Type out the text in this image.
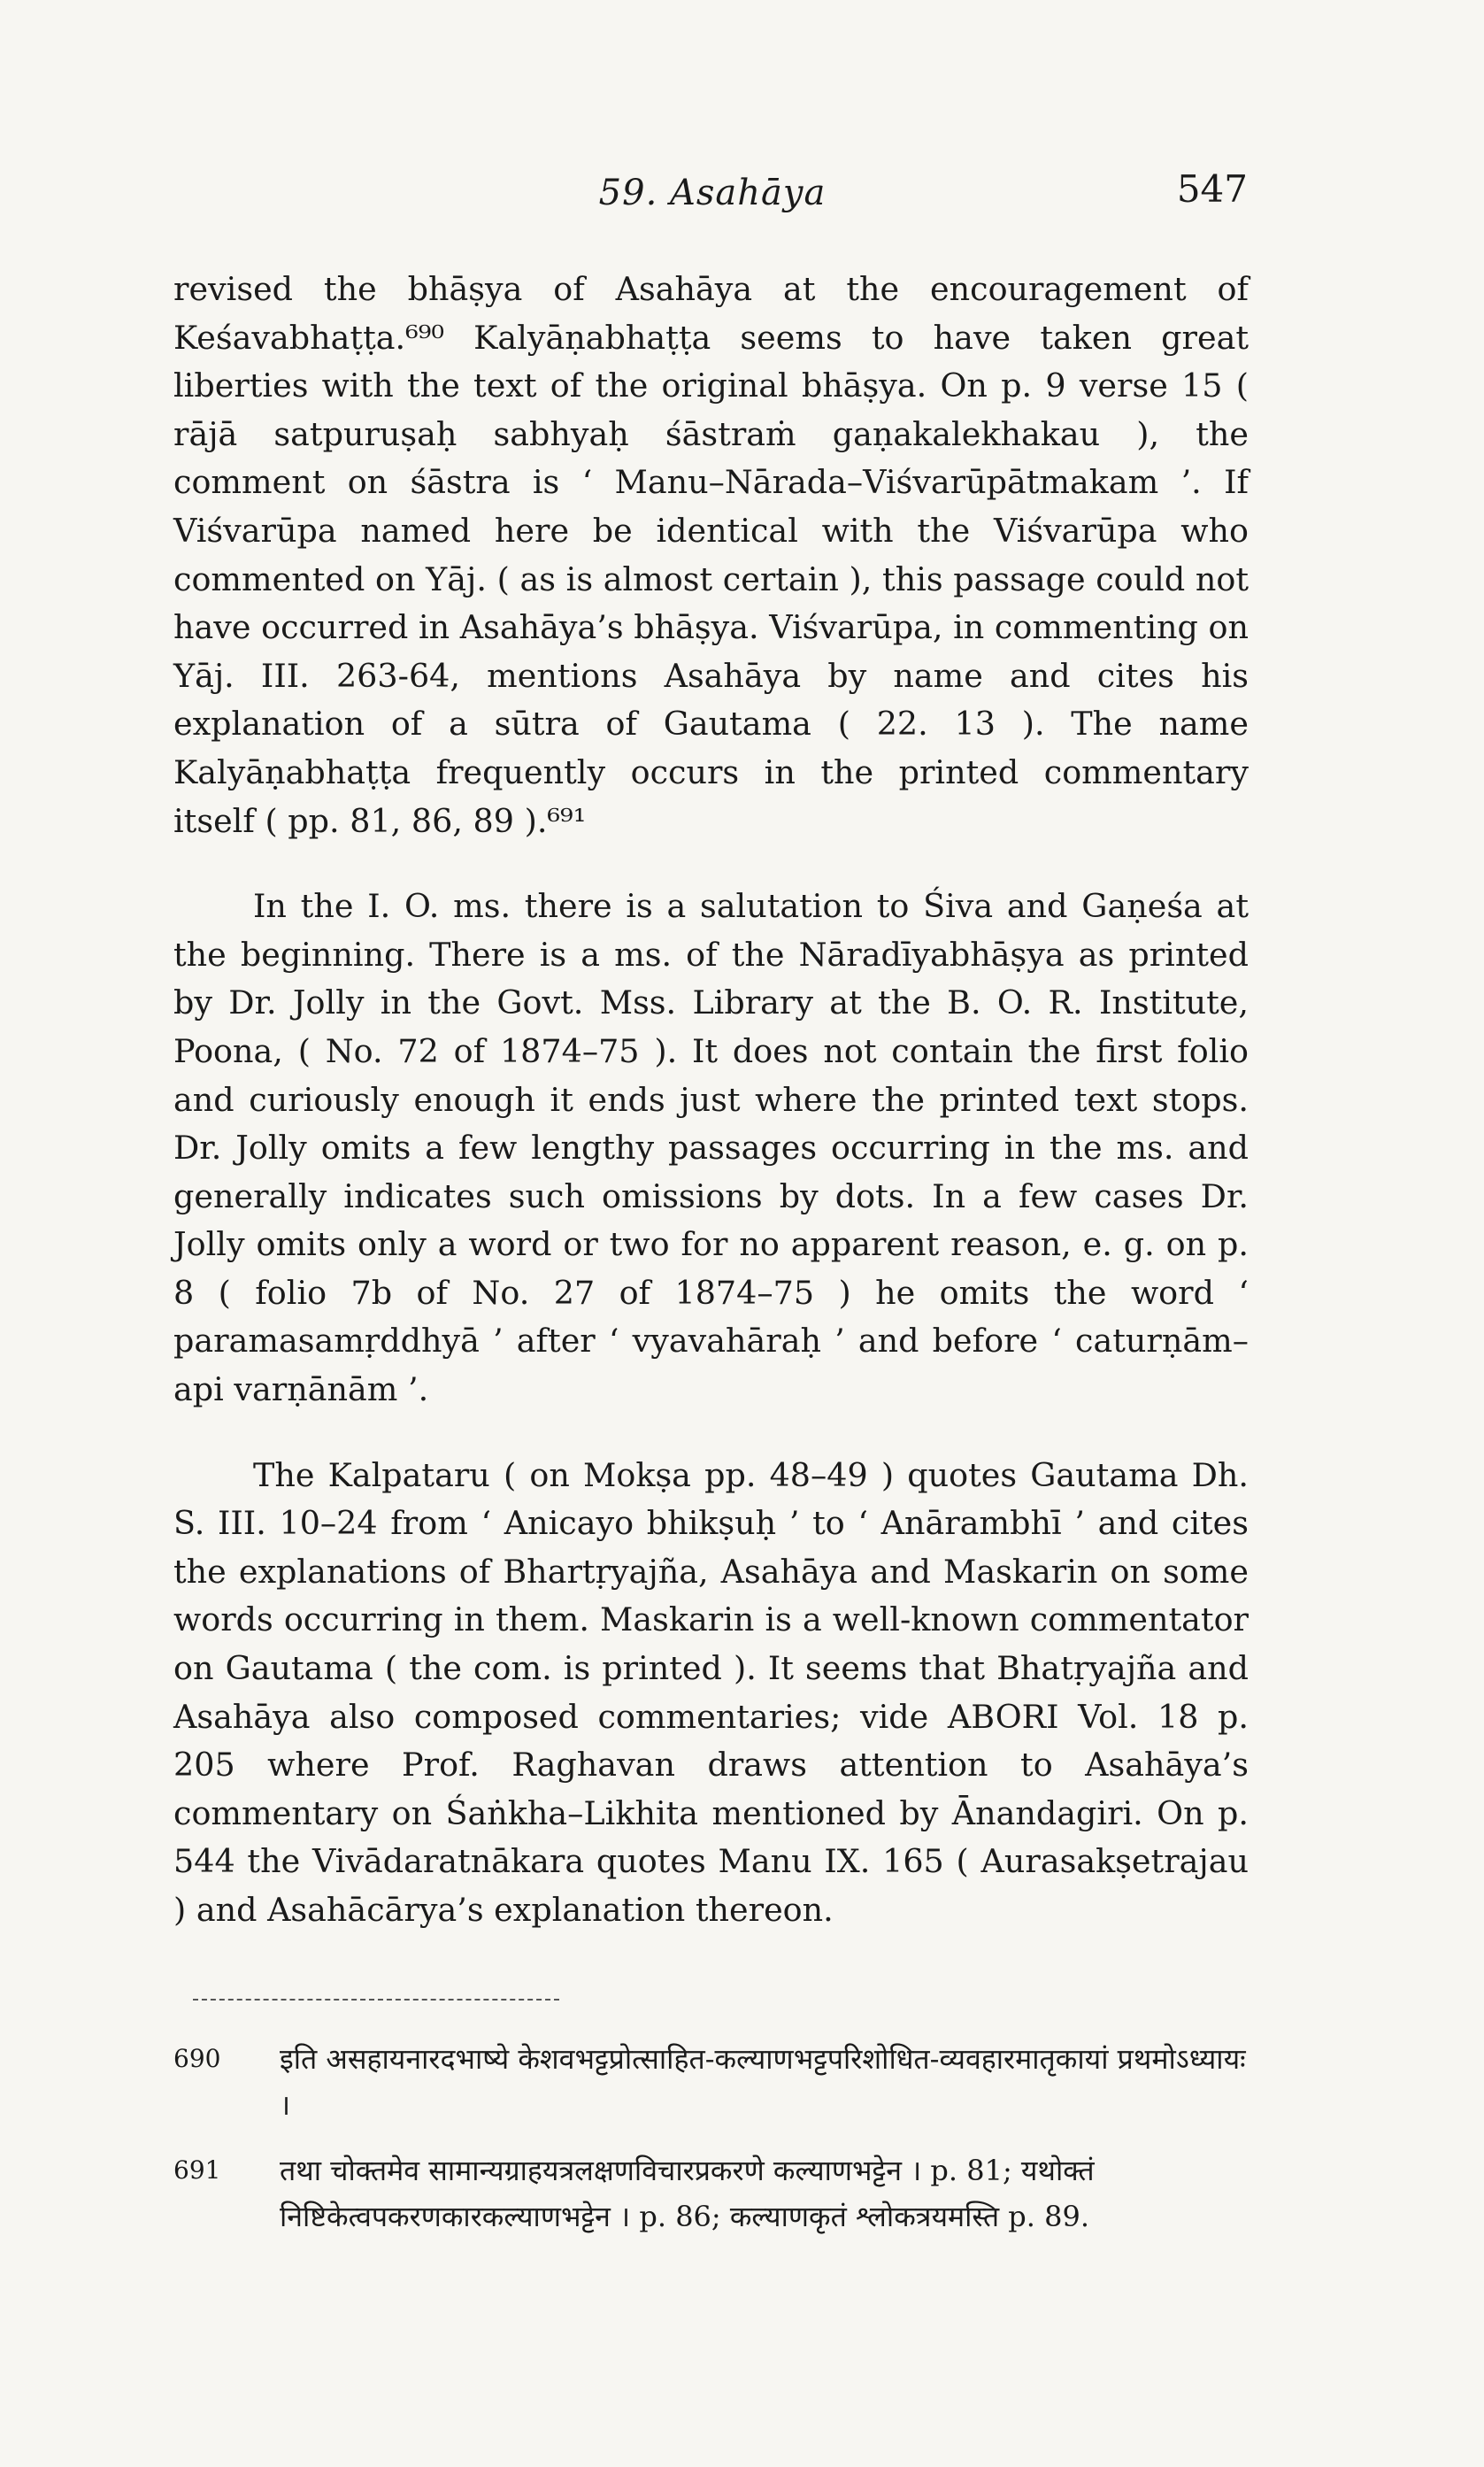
59. Asahāya	547

revised the bhāṣya of Asahāya at the encouragement of Keśavabhaṭṭa.⁶⁹⁰ Kalyāṇabhaṭṭa seems to have taken great liberties with the text of the original bhāṣya. On p. 9 verse 15 ( rājā satpuruṣaḥ sabhyaḥ śāstraṁ gaṇakalekhakau ), the comment on śāstra is ‘ Manu–Nārada–Viśvarūpātmakam ’. If Viśvarūpa named here be identical with the Viśvarūpa who commented on Yāj. ( as is almost certain ), this passage could not have occurred in Asahāya’s bhāṣya. Viśvarūpa, in commenting on Yāj. III. 263-64, mentions Asahāya by name and cites his explanation of a sūtra of Gautama ( 22. 13 ). The name Kalyāṇabhaṭṭa frequently occurs in the printed commentary itself ( pp. 81, 86, 89 ).⁶⁹¹

In the I. O. ms. there is a salutation to Śiva and Gaṇeśa at the beginning. There is a ms. of the Nāradīyabhāṣya as printed by Dr. Jolly in the Govt. Mss. Library at the B. O. R. Institute, Poona, ( No. 72 of 1874–75 ). It does not contain the first folio and curiously enough it ends just where the printed text stops. Dr. Jolly omits a few lengthy passages occurring in the ms. and generally indicates such omissions by dots. In a few cases Dr. Jolly omits only a word or two for no apparent reason, e. g. on p. 8 ( folio 7b of No. 27 of 1874–75 ) he omits the word ‘ paramasamṛddhyā ’ after ‘ vyavahāraḥ ’ and before ‘ caturṇām–api varṇānām ’.

The Kalpataru ( on Mokṣa pp. 48–49 ) quotes Gautama Dh. S. III. 10–24 from ‘ Anicayo bhikṣuḥ ’ to ‘ Anārambhī ’ and cites the explanations of Bhartṛyajña, Asahāya and Maskarin on some words occurring in them. Maskarin is a well-known commentator on Gautama ( the com. is printed ). It seems that Bhatṛyajña and Asahāya also composed commentaries; vide ABORI Vol. 18 p. 205 where Prof. Raghavan draws attention to Asahāya’s commentary on Śaṅkha–Likhita mentioned by Ānandagiri. On p. 544 the Vivādaratnākara quotes Manu IX. 165 ( Aurasakṣetrajau ) and Asahācārya’s explanation thereon.

690	इति असहायनारदभाष्ये केशवभट्टप्रोत्साहित-कल्याणभट्टपरिशोधित-व्यवहारमातृकायां प्रथमोऽध्यायः ।
691	तथा चोक्तमेव सामान्यग्राहयत्रलक्षणविचारप्रकरणे कल्याणभट्टेन । p. 81; यथोक्तं निष्टिकेत्वपकरणकारकल्याणभट्टेन । p. 86; कल्याणकृतं श्लोकत्रयमस्ति p. 89.
